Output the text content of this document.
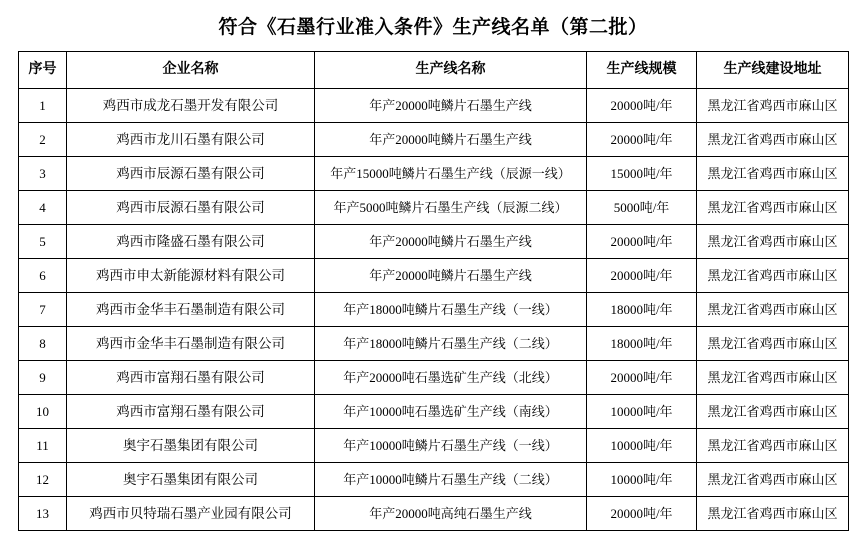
符合《石墨行业准入条件》生产线名单（第二批）
序号	企业名称	生产线名称	生产线规模	生产线建设地址
1	鸡西市成龙石墨开发有限公司	年产20000吨鳞片石墨生产线	20000吨/年	黑龙江省鸡西市麻山区
2	鸡西市龙川石墨有限公司	年产20000吨鳞片石墨生产线	20000吨/年	黑龙江省鸡西市麻山区
3	鸡西市辰源石墨有限公司	年产15000吨鳞片石墨生产线（辰源一线）	15000吨/年	黑龙江省鸡西市麻山区
4	鸡西市辰源石墨有限公司	年产5000吨鳞片石墨生产线（辰源二线）	5000吨/年	黑龙江省鸡西市麻山区
5	鸡西市隆盛石墨有限公司	年产20000吨鳞片石墨生产线	20000吨/年	黑龙江省鸡西市麻山区
6	鸡西市申太新能源材料有限公司	年产20000吨鳞片石墨生产线	20000吨/年	黑龙江省鸡西市麻山区
7	鸡西市金华丰石墨制造有限公司	年产18000吨鳞片石墨生产线（一线）	18000吨/年	黑龙江省鸡西市麻山区
8	鸡西市金华丰石墨制造有限公司	年产18000吨鳞片石墨生产线（二线）	18000吨/年	黑龙江省鸡西市麻山区
9	鸡西市富翔石墨有限公司	年产20000吨石墨选矿生产线（北线）	20000吨/年	黑龙江省鸡西市麻山区
10	鸡西市富翔石墨有限公司	年产10000吨石墨选矿生产线（南线）	10000吨/年	黑龙江省鸡西市麻山区
11	奥宇石墨集团有限公司	年产10000吨鳞片石墨生产线（一线）	10000吨/年	黑龙江省鸡西市麻山区
12	奥宇石墨集团有限公司	年产10000吨鳞片石墨生产线（二线）	10000吨/年	黑龙江省鸡西市麻山区
13	鸡西市贝特瑞石墨产业园有限公司	年产20000吨高纯石墨生产线	20000吨/年	黑龙江省鸡西市麻山区
